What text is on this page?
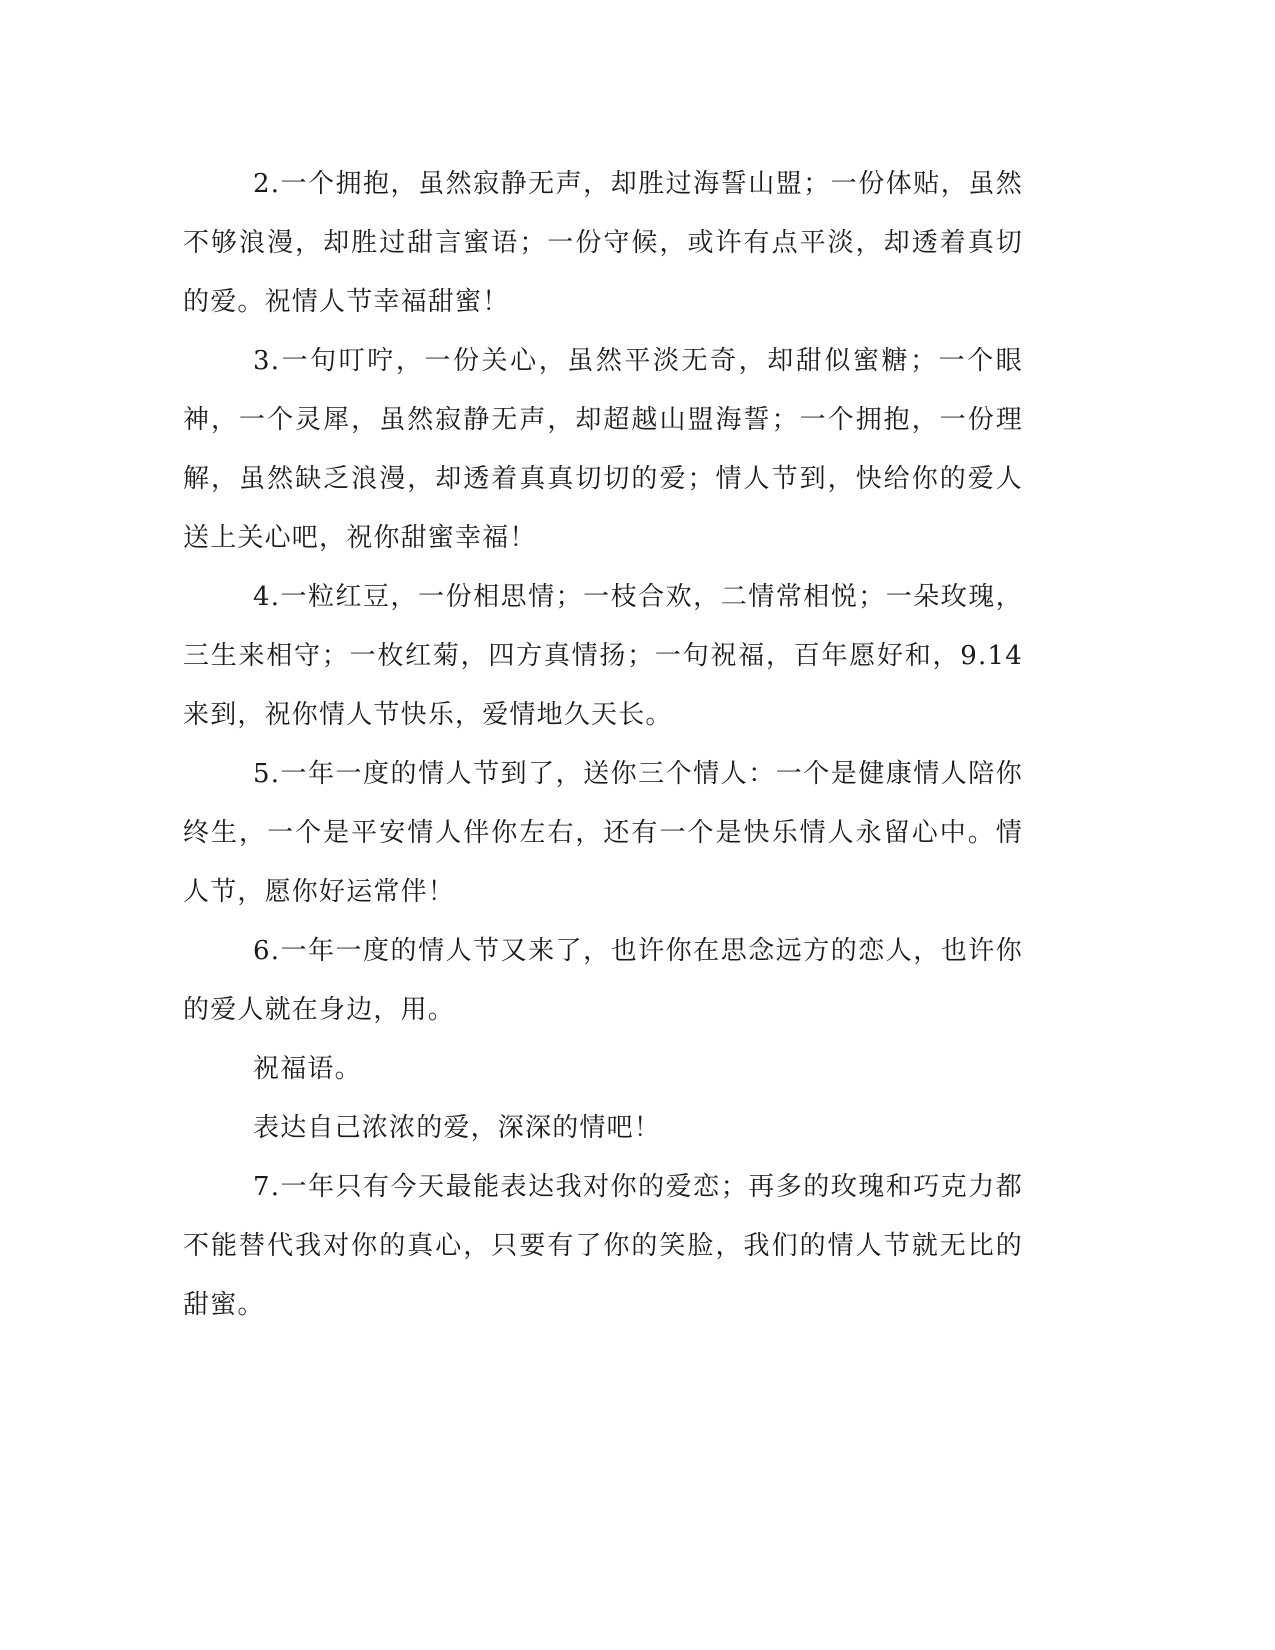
2.一个拥抱，虽然寂静无声，却胜过海誓山盟；一份体贴，虽然不够浪漫，却胜过甜言蜜语；一份守候，或许有点平淡，却透着真切的爱。祝情人节幸福甜蜜！

3.一句叮咛，一份关心，虽然平淡无奇，却甜似蜜糖；一个眼神，一个灵犀，虽然寂静无声，却超越山盟海誓；一个拥抱，一份理解，虽然缺乏浪漫，却透着真真切切的爱；情人节到，快给你的爱人送上关心吧，祝你甜蜜幸福！

4.一粒红豆，一份相思情；一枝合欢，二情常相悦；一朵玫瑰，三生来相守；一枚红菊，四方真情扬；一句祝福，百年愿好和，9.14来到，祝你情人节快乐，爱情地久天长。

5.一年一度的情人节到了，送你三个情人：一个是健康情人陪你终生，一个是平安情人伴你左右，还有一个是快乐情人永留心中。情人节，愿你好运常伴！

6.一年一度的情人节又来了，也许你在思念远方的恋人，也许你的爱人就在身边，用。

祝福语。

表达自己浓浓的爱，深深的情吧！

7.一年只有今天最能表达我对你的爱恋；再多的玫瑰和巧克力都不能替代我对你的真心，只要有了你的笑脸，我们的情人节就无比的甜蜜。
